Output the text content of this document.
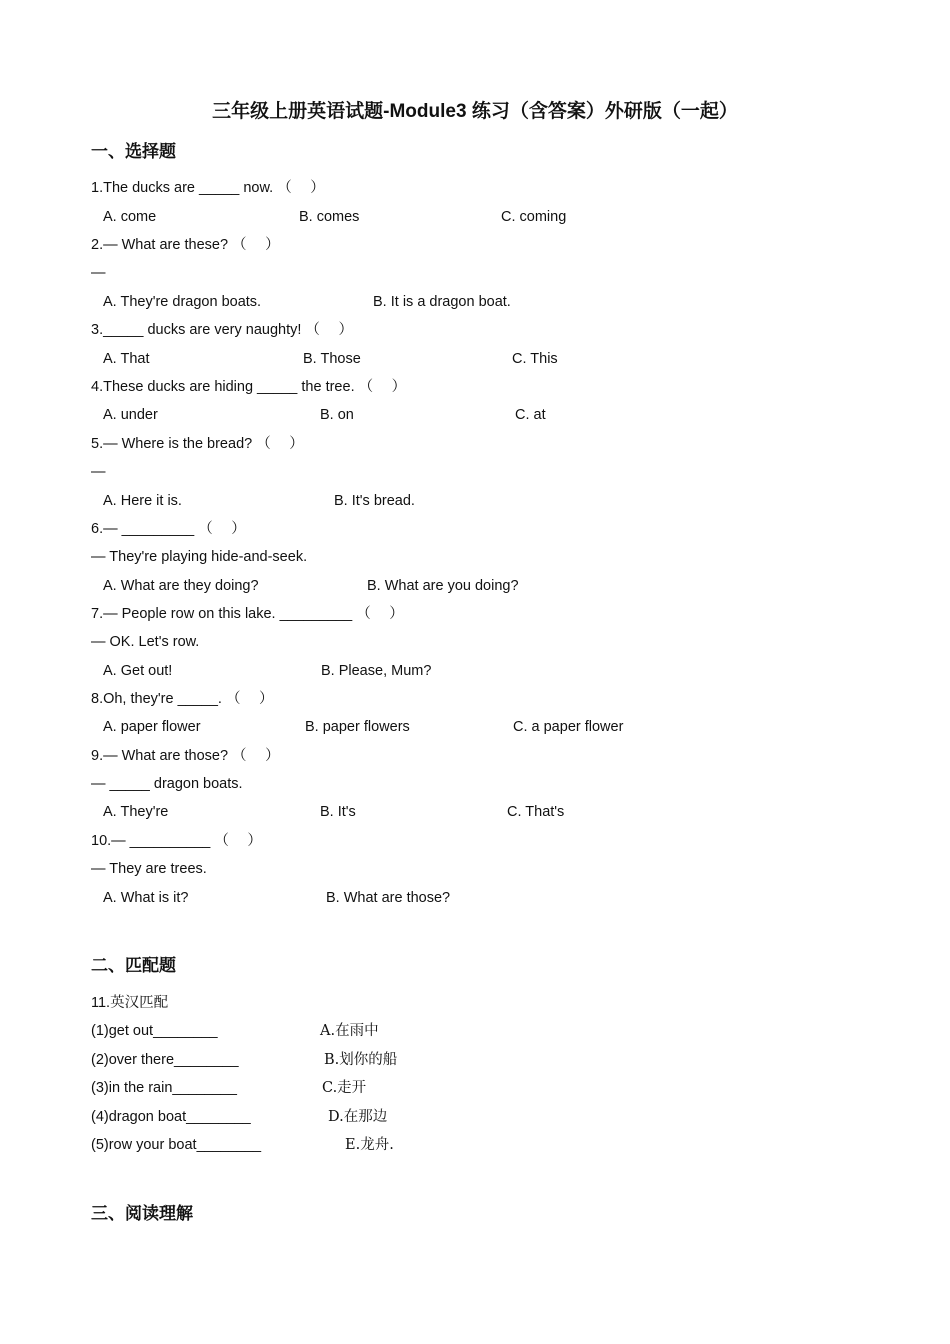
三年级上册英语试题-Module3 练习（含答案）外研版（一起）
一、选择题
1.The ducks are _____ now. （　 ）
A. come	B. comes	C. coming
2.— What are these? （　 ）
—
A. They're dragon boats.	B. It is a dragon boat.
3._____ ducks are very naughty! （　 ）
A. That	B. Those	C. This
4.These ducks are hiding _____ the tree. （　 ）
A. under	B. on	C. at
5.— Where is the bread? （　 ）
—
A. Here it is.	B. It's bread.
6.— _________ （　 ）
— They're playing hide-and-seek.
A. What are they doing?	B. What are you doing?
7.— People row on this lake. _________ （　 ）
— OK. Let's row.
A. Get out!	B. Please, Mum?
8.Oh, they're _____. （　 ）
A. paper flower	B. paper flowers	C. a paper flower
9.— What are those? （　 ）
— _____ dragon boats.
A. They're	B. It's	C. That's
10.— __________ （　 ）
— They are trees.
A. What is it?	B. What are those?
二、匹配题
11.英汉匹配
(1)get out________	A.在雨中
(2)over there________	B.划你的船
(3)in the rain________	C.走开
(4)dragon boat________	D.在那边
(5)row your boat________	E.龙舟.
三、阅读理解
